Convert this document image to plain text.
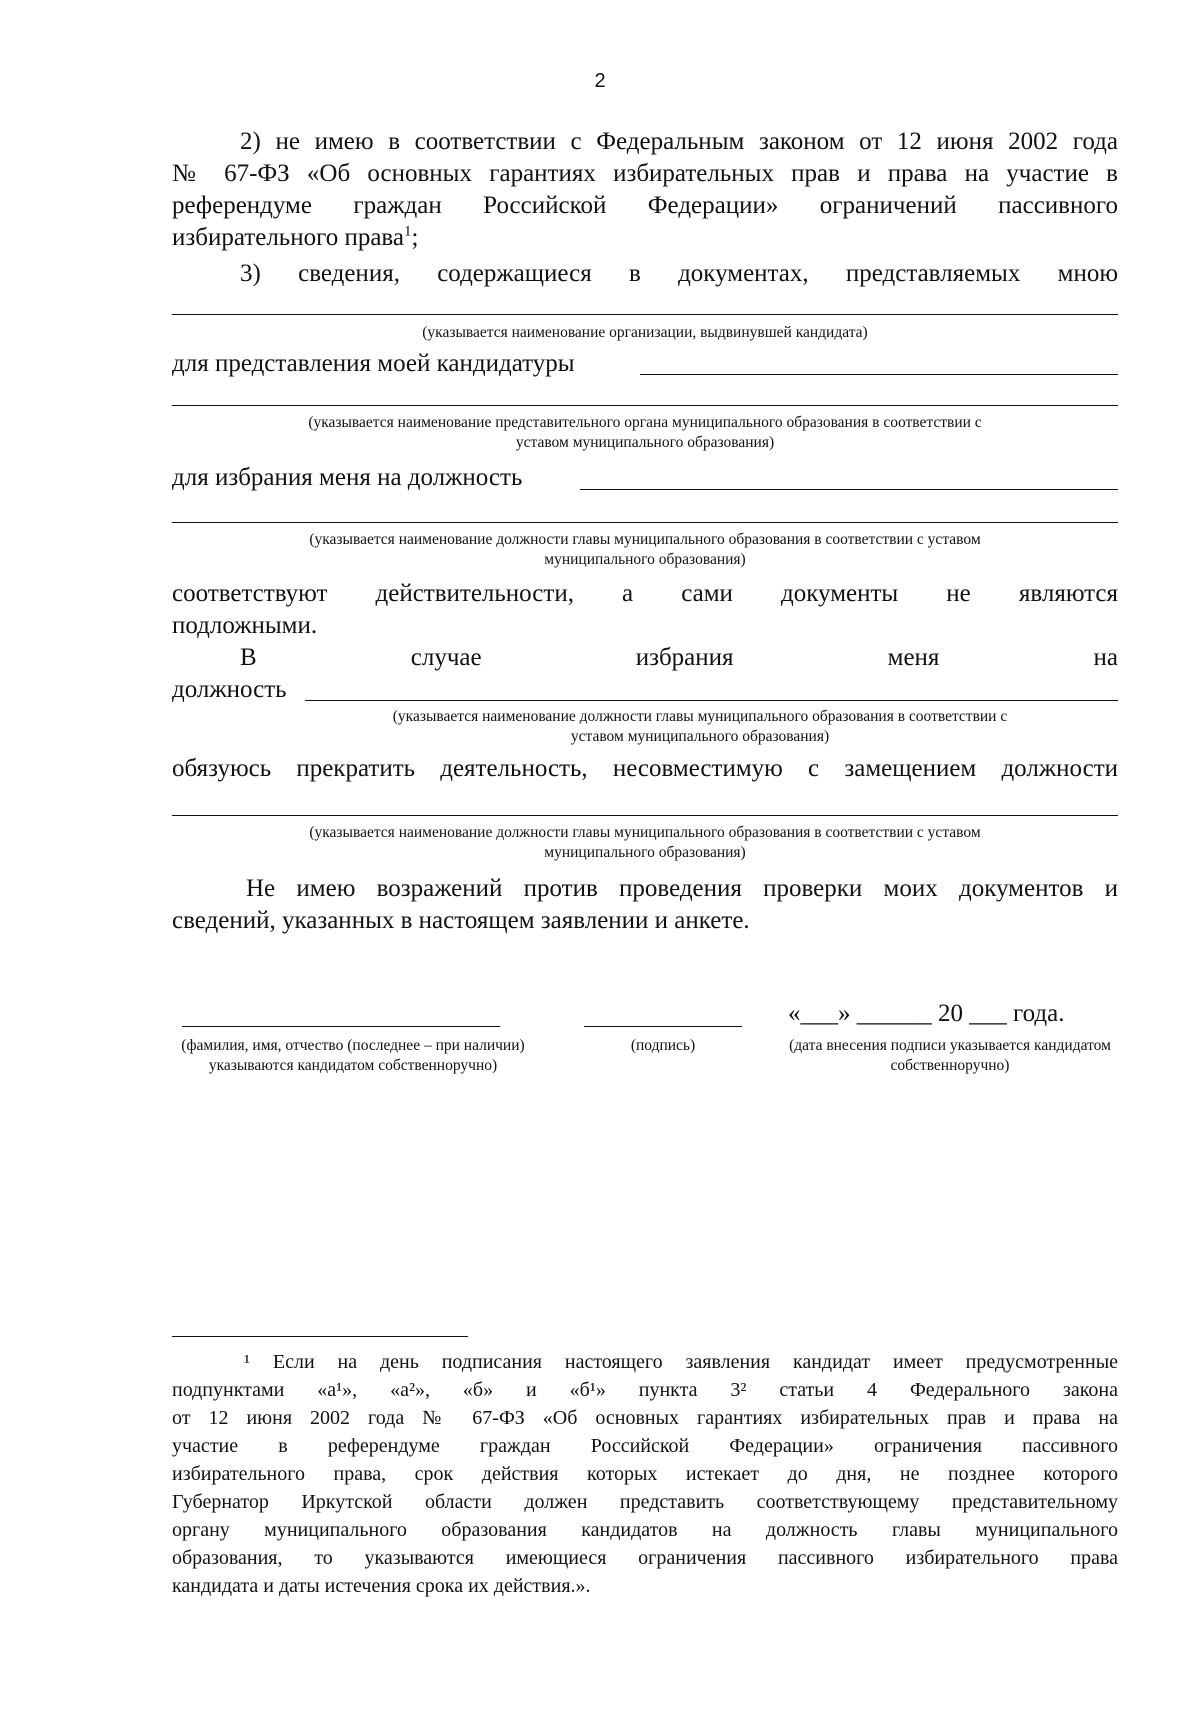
2
2) не имею в соответствии с Федеральным законом от 12 июня 2002 года
№ 67-ФЗ «Об основных гарантиях избирательных прав и права на участие в
референдуме граждан Российской Федерации» ограничений пассивного
избирательного права$^1$;
3) сведения, содержащиеся в документах, представляемых мною
(указывается наименование организации, выдвинувшей кандидата)
для представления моей кандидатуры
(указывается наименование представительного органа муниципального образования в соответствии с
уставом муниципального образования)
для избрания меня на должность
(указывается наименование должности главы муниципального образования в соответствии с уставом
муниципального образования)
соответствуют действительности, а сами документы не являются
подложными.
В случае избрания меня на
должность
(указывается наименование должности главы муниципального образования в соответствии с
уставом муниципального образования)
обязуюсь прекратить деятельность, несовместимую с замещением должности
(указывается наименование должности главы муниципального образования в соответствии с уставом
муниципального образования)
Не имею возражений против проведения проверки моих документов и
сведений, указанных в настоящем заявлении и анкете.
«___» ______ 20 ___ года.
(фамилия, имя, отчество (последнее – при наличии) указываются кандидатом собственноручно)
(подпись)	(дата внесения подписи указывается кандидатом собственноручно)
¹ Если на день подписания настоящего заявления кандидат имеет предусмотренные
подпунктами «а¹», «а²», «б» и «б¹» пункта 3² статьи 4 Федерального закона
от 12 июня 2002 года № 67-ФЗ «Об основных гарантиях избирательных прав и права на
участие в референдуме граждан Российской Федерации» ограничения пассивного
избирательного права, срок действия которых истекает до дня, не позднее которого
Губернатор Иркутской области должен представить соответствующему представительному
органу муниципального образования кандидатов на должность главы муниципального
образования, то указываются имеющиеся ограничения пассивного избирательного права
кандидата и даты истечения срока их действия.».
